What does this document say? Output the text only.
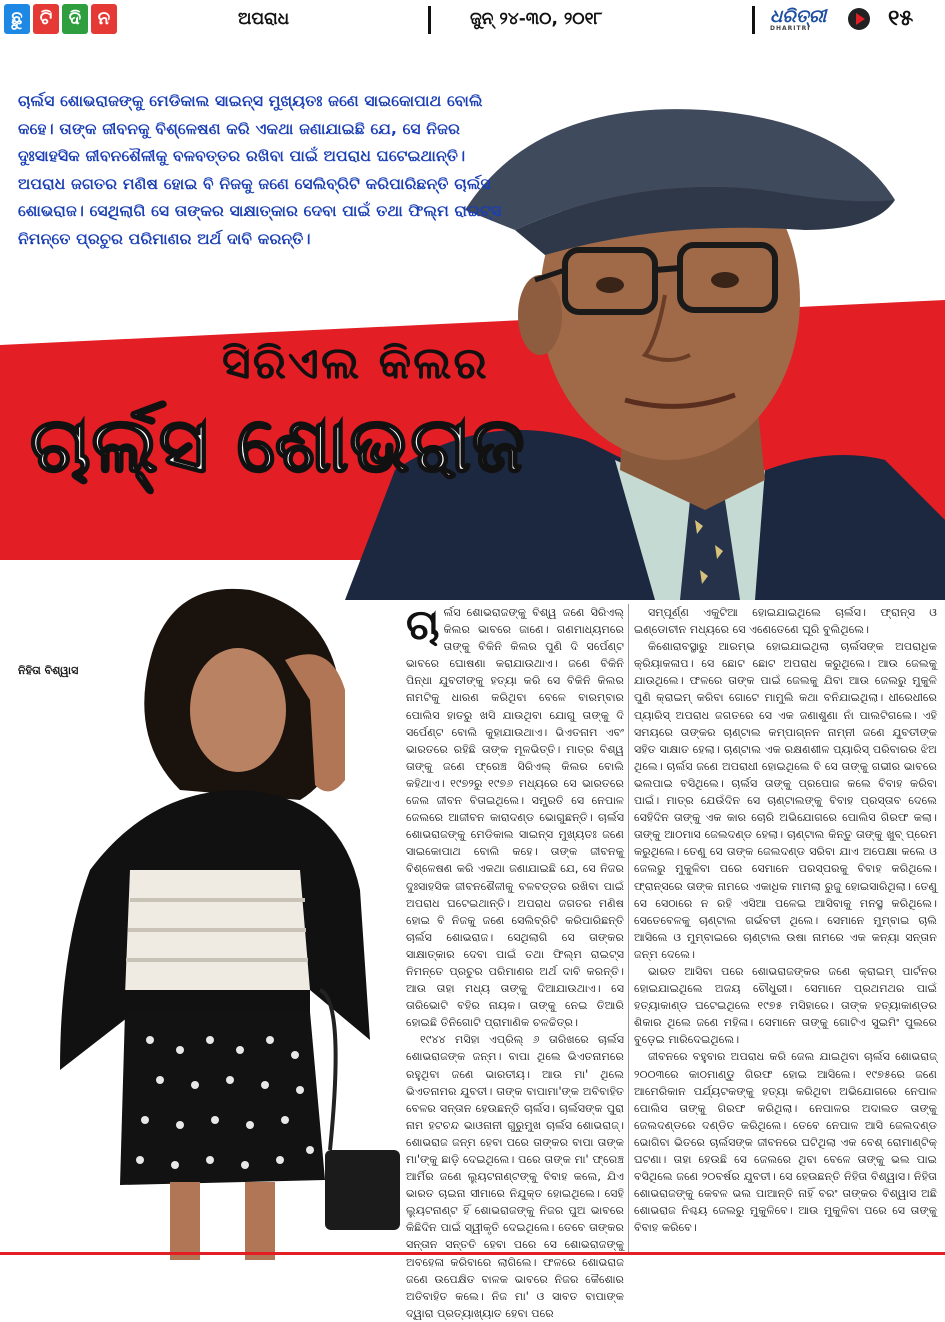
ଛୁ ଟି ଦି ନ	ଅପରାଧ	ଜୁନ୍ ୨୪-୩୦, ୨୦୧୮	ଧରିତ୍ରୀ
DHARITRI	୧୫
ଚାର୍ଲସ ଶୋଭରାଜଙ୍କୁ ମେଡିକାଲ ସାଇନ୍ସ ମୁଖ୍ୟତଃ ଜଣେ ସାଇକୋପାଥ ବୋଲି କହେ। ତାଙ୍କ ଜୀବନକୁ ବିଶ୍ଳେଷଣ କରି ଏକଥା ଜଣାଯାଇଛି ଯେ, ସେ ନିଜର ଦୁଃସାହସିକ ଜୀବନଶୈଳୀକୁ ବଳବତ୍ତର ରଖିବା ପାଇଁ ଅପରାଧ ଘଟେଇଥାନ୍ତି। ଅପରାଧ ଜଗତର ମଣିଷ ହୋଇ ବି ନିଜକୁ ଜଣେ ସେଲିବ୍ରିଟି କରିପାରିଛନ୍ତି ଚାର୍ଲସ ଶୋଭରାଜ। ସେଥିଲାଗି ସେ ତାଙ୍କର ସାକ୍ଷାତ୍କାର ଦେବା ପାଇଁ ତଥା ଫିଲ୍ମ ରାଇଟ୍ସ ନିମନ୍ତେ ପ୍ରଚୁର ପରିମାଣର ଅର୍ଥ ଦାବି କରନ୍ତି।
ସିରିଏଲ କିଲର
ଚାର୍ଲ୍ସ ଶୋଭରାଜ
ନିହିତା ବିଶ୍ୱାସ
ଚା ର୍ଲସ ଶୋଭରାଜଙ୍କୁ ବିଶ୍ୱ ଜଣେ ସିରିଏଲ୍ କିଲର ଭାବରେ ଜାଣେ। ଗଣମାଧ୍ୟମରେ ତାଙ୍କୁ ବିକିନି କିଲର ପୁଣି ଦି ସର୍ପେଣ୍ଟ ଭାବରେ ଘୋଷଣା କରାଯାଉଥାଏ। ଜଣେ ବିକିନି ପିନ୍ଧା ଯୁବତୀଙ୍କୁ ହତ୍ୟା କରି ସେ ବିକିନି କିଲର ନାମଟିକୁ ଧାରଣ କରିଥିବା ବେଳେ ବାରମ୍ବାର ପୋଲିସ ହାତରୁ ଖସି ଯାଉଥିବା ଯୋଗୁ ତାଙ୍କୁ ଦି ସର୍ପେଣ୍ଟ ବୋଲି କୁହାଯାଉଥାଏ। ଭିଏତନାମ ଏବଂ ଭାରତରେ ରହିଛି ତାଙ୍କ ମୂଳଭିତ୍ତି। ମାତ୍ର ବିଶ୍ୱ ତାଙ୍କୁ ଜଣେ ଫ୍ରେଞ୍ଚ ସିରିଏଲ୍ କିଲର ବୋଲି କହିଥାଏ। ୧୯୭୨ରୁ ୧୯୭୬ ମଧ୍ୟରେ ସେ ଭାରତରେ ଜେଲ ଜୀବନ ବିତାଇଥିଲେ। ସମ୍ପ୍ରତି ସେ ନେପାଳ ଜେଲରେ ଆଜୀବନ କାରାଦଣ୍ଡ ଭୋଗୁଛନ୍ତି। ଚାର୍ଲସ ଶୋଭରାଜଙ୍କୁ ମେଡିକାଲ ସାଇନ୍ସ ମୁଖ୍ୟତଃ ଜଣେ ସାଇକୋପାଥ ବୋଲି କହେ। ତାଙ୍କ ଜୀବନକୁ ବିଶ୍ଳେଷଣ କରି ଏକଥା ଜଣାଯାଇଛି ଯେ, ସେ ନିଜର ଦୁଃସାହସିକ ଜୀବନଶୈଳୀକୁ ବଳବତ୍ତର ରଖିବା ପାଇଁ ଅପରାଧ ଘଟେଇଥାନ୍ତି। ଅପରାଧ ଜଗତର ମଣିଷ ହୋଇ ବି ନିଜକୁ ଜଣେ ସେଲିବ୍ରିଟି କରିପାରିଛନ୍ତି ଚାର୍ଲସ ଶୋଭରାଜ। ସେଥିଲାଗି ସେ ତାଙ୍କର ସାକ୍ଷାତ୍କାର ଦେବା ପାଇଁ ତଥା ଫିଲ୍ମ ରାଇଟ୍ସ ନିମନ୍ତେ ପ୍ରଚୁର ପରିମାଣର ଅର୍ଥ ଦାବି କରନ୍ତି। ଆଉ ତାହା ମଧ୍ୟ ତାଙ୍କୁ ଦିଆଯାଉଥାଏ। ସେ ତାରିଭୋଟି ବହିର ନାୟକ। ତାଙ୍କୁ ନେଇ ତିଆରି ହୋଇଛି ତିନିଗୋଟି ପ୍ରାମାଣିକ ଚଳଚ୍ଚିତ୍ର।

୧୯୪୪ ମସିହା ଏପ୍ରିଲ୍ ୬ ତାରିଖରେ ଚାର୍ଲସ ଶୋଭରାଜଙ୍କ ଜନ୍ମ। ବାପା ଥିଲେ ଭିଏତନାମରେ ରହୁଥିବା ଜଣେ ଭାରତୀୟ। ଆଉ ମା' ଥିଲେ ଭିଏତନାମର ଯୁବତୀ। ତାଙ୍କ ବାପାମା'ଙ୍କ ଅବିବାହିତ ବେଳର ସନ୍ତାନ ହେଉଛନ୍ତି ଚାର୍ଲସ। ଚାର୍ଲସଙ୍କ ପୁରା ନାମ ହଟଚନ୍ଦ ଭାଓନାନୀ ଗୁରୁମୁଖ ଚାର୍ଲସ ଶୋଭରାଜ୍। ଶୋଭରାଜ ଜନ୍ମ ହେବା ପରେ ତାଙ୍କର ବାପା ତାଙ୍କ ମା'ଙ୍କୁ ଛାଡ଼ି ଦେଇଥିଲେ। ପରେ ତାଙ୍କ ମା' ଫ୍ରେଞ୍ଚ ଆର୍ମିର ଜଣେ ଲ୍ୟୁଟନାଣ୍ଟଙ୍କୁ ବିବାହ କଲେ, ଯିଏ ଭାରତ ଚାଇନା ସୀମାରେ ନିଯୁକ୍ତ ହୋଇଥିଲେ। ସେହି ଲ୍ୟୁଟନାଣ୍ଟ ହିଁ ଶୋଭରାଜଙ୍କୁ ନିଜର ପୁଅ ଭାବରେ କିଛିଦିନ ପାଇଁ ସ୍ୱୀକୃତି ଦେଇଥିଲେ। ତେବେ ତାଙ୍କର ସନ୍ତାନ ସନ୍ତତି ହେବା ପରେ ସେ ଶୋଭରାଜଙ୍କୁ ଅବହେଳା କରିବାରେ ଲାଗିଲେ। ଫଳରେ ଶୋଭରାଜ ଜଣେ ଉପେକ୍ଷିତ ବାଳକ ଭାବରେ ନିଜର କୈଶୋର ଅତିବାହିତ କଲେ। ନିଜ ମା' ଓ ସାବତ ବାପାଙ୍କ ଦ୍ୱାରା ପ୍ରତ୍ୟାଖ୍ୟାତ ହେବା ପରେ

ସମ୍ପୂର୍ଣ୍ଣ ଏକୁଟିଆ ହୋଇଯାଇଥିଲେ ଚାର୍ଲସ। ଫ୍ରାନ୍ସ ଓ ଇଣ୍ଡୋଚୀନ ମଧ୍ୟରେ ସେ ଏଣେତେଣେ ଘୂରି ବୁଲିଥିଲେ।

କିଶୋରାବସ୍ଥାରୁ ଆରମ୍ଭ ହୋଇଯାଇଥିଲା ଚାର୍ଲସଙ୍କ ଅପରାଧିକ କ୍ରିୟାକଳାପ। ସେ ଛୋଟ ଛୋଟ ଅପରାଧ କରୁଥିଲେ। ଆଉ ଜେଲକୁ ଯାଉଥିଲେ। ଫଳରେ ତାଙ୍କ ପାଇଁ ଜେଲକୁ ଯିବା ଆଉ ଜେଲରୁ ମୁକୁଳି ପୁଣି କ୍ରାଇମ୍ କରିବା ଗୋଟେ ମାମୁଲି କଥା ବନିଯାଇଥିଲା। ଧୀରେଧୀରେ ପ୍ୟାରିସ୍ ଅପରାଧ ଜଗତରେ ସେ ଏକ ଜଣାଶୁଣା ନାଁ ପାଲଟିଗଲେ। ଏହି ସମୟରେ ତାଙ୍କର ଚାଣ୍ଟାଲ କମ୍ପାଗ୍ନନ ନାମ୍ନୀ ଜଣେ ଯୁବତୀଙ୍କ ସହିତ ସାକ୍ଷାତ ହେଲା। ଚାଣ୍ଟାଲ ଏକ ରକ୍ଷଣଶୀଳ ପ୍ୟାରିସ୍ ପରିବାରର ଝିଅ ଥିଲେ। ଚାର୍ଲସ ଜଣେ ଅପରାଧୀ ହୋଇଥିଲେ ବି ସେ ତାଙ୍କୁ ଗଭୀର ଭାବରେ ଭଲପାଇ ବସିଥିଲେ। ଚାର୍ଲସ ତାଙ୍କୁ ପ୍ରପୋଜ କଲେ ବିବାହ କରିବା ପାଇଁ। ମାତ୍ର ଯେଉଁଦିନ ସେ ଚାଣ୍ଟାଲଙ୍କୁ ବିବାହ ପ୍ରସ୍ତାବ ଦେଲେ ସେହିଦିନ ତାଙ୍କୁ ଏକ କାର ଚୋରି ଅଭିଯୋଗରେ ପୋଲିସ ଗିରଫ କଲା। ତାଙ୍କୁ ଆଠମାସ ଜେଲଦଣ୍ଡ ହେଲା। ଚାଣ୍ଟାଲ କିନ୍ତୁ ତାଙ୍କୁ ଖୁବ୍ ପ୍ରେମ କରୁଥିଲେ। ତେଣୁ ସେ ତାଙ୍କ ଜେଲଦଣ୍ଡ ସରିବା ଯାଏ ଅପେକ୍ଷା କଲେ ଓ ଜେଲରୁ ମୁକୁଳିବା ପରେ ସେମାନେ ପରସ୍ପରକୁ ବିବାହ କରିଥିଲେ। ଫ୍ରାନ୍ସରେ ତାଙ୍କ ନାମରେ ଏକାଧିକ ମାମଲା ରୁଜୁ ହୋଇସାରିଥିଲା। ତେଣୁ ସେ ସେଠାରେ ନ ରହି ଏସିଆ ପଳେଇ ଆସିବାକୁ ମନସ୍ଥ କରିଥିଲେ। ସେତେବେଳକୁ ଚାଣ୍ଟାଲ ଗର୍ଭବତୀ ଥିଲେ। ସେମାନେ ମୁମ୍ବାଇ ଚାଲି ଆସିଲେ ଓ ମୁମ୍ବାଇରେ ଚାଣ୍ଟାଲ ଉଷା ନାମରେ ଏକ କନ୍ୟା ସନ୍ତାନ ଜନ୍ମ ଦେଲେ।

ଭାରତ ଆସିବା ପରେ ଶୋଭରାଜଙ୍କର ଜଣେ କ୍ରାଇମ୍ ପାର୍ଟନର ହୋଇଯାଇଥିଲେ ଅଜୟ ଚୌଧୁରୀ। ସେମାନେ ପ୍ରଥମଥର ପାଇଁ ହତ୍ୟାକାଣ୍ଡ ଘଟେଇଥିଲେ ୧୯୭୫ ମସିହାରେ। ତାଙ୍କ ହତ୍ୟାକାଣ୍ଡର ଶିକାର ଥିଲେ ଜଣେ ମହିଳା। ସେମାନେ ତାଙ୍କୁ ଗୋଟିଏ ସୁଇମିଂ ପୁଲରେ ବୁଡ଼େଇ ମାରିଦେଇଥିଲେ।

ଜୀବନରେ ବହୁବାର ଅପରାଧ କରି ଜେଲ ଯାଇଥିବା ଚାର୍ଲସ ଶୋଭରାଜ୍ ୨୦୦୩ରେ କାଠମାଣ୍ଡୁ ଗିରଫ ହୋଇ ଆସିଲେ। ୧୯୭୫ରେ ଜଣେ ଆମେରିକାନ ପର୍ଯ୍ୟଟକଙ୍କୁ ହତ୍ୟା କରିଥିବା ଅଭିଯୋଗରେ ନେପାଳ ପୋଲିସ ତାଙ୍କୁ ଗିରଫ କରିଥିଲା। ନେପାଳର ଅଦାଲତ ତାଙ୍କୁ ଜେଲଦଣ୍ଡରେ ଦଣ୍ଡିତ କରିଥିଲେ। ତେବେ ନେପାଳ ଆସି ଜେଲଦଣ୍ଡ ଭୋଗିବା ଭିତରେ ଚାର୍ଲସଙ୍କ ଜୀବନରେ ଘଟିଥିଲା ଏକ ବେଶ୍ ରୋମାଣ୍ଟିକ୍ ଘଟଣା। ତାହା ହେଉଛି ସେ ଜେଲରେ ଥିବା ବେଳେ ତାଙ୍କୁ ଭଲ ପାଇ ବସିଥିଲେ ଜଣେ ୨୦ବର୍ଷର ଯୁବତୀ। ସେ ହେଉଛନ୍ତି ନିହିତା ବିଶ୍ୱାସ। ନିହିତା ଶୋଭରାଜଙ୍କୁ କେବଳ ଭଲ ପାଆନ୍ତି ନାହିଁ ବରଂ ତାଙ୍କର ବିଶ୍ୱାସ ଅଛି ଶୋଭରାଜ ନିଶ୍ଚୟ ଜେଲରୁ ମୁକୁଳିବେ। ଆଉ ମୁକୁଳିବା ପରେ ସେ ତାଙ୍କୁ ବିବାହ କରିବେ।
